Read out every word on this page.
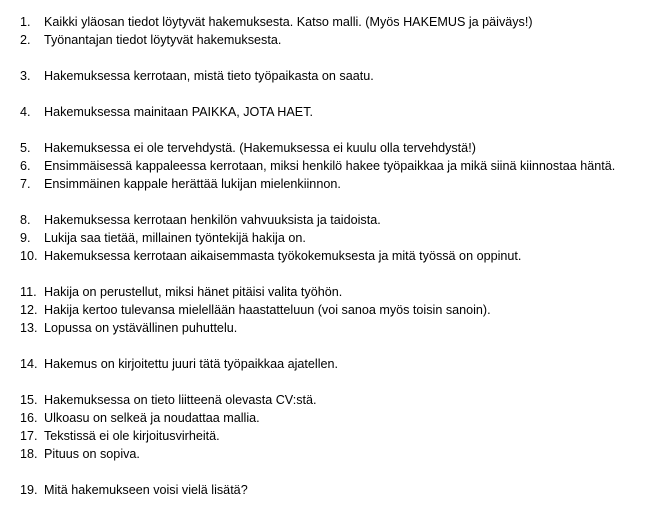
1.	Kaikki yläosan tiedot löytyvät hakemuksesta. Katso malli. (Myös HAKEMUS ja päiväys!)
2.	Työnantajan tiedot löytyvät hakemuksesta.
3.	Hakemuksessa kerrotaan, mistä tieto työpaikasta on saatu.
4.	Hakemuksessa mainitaan PAIKKA, JOTA HAET.
5.	Hakemuksessa ei ole tervehdystä. (Hakemuksessa ei kuulu olla tervehdystä!)
6.	Ensimmäisessä kappaleessa kerrotaan, miksi henkilö hakee työpaikkaa ja mikä siinä kiinnostaa häntä.
7.	Ensimmäinen kappale herättää lukijan mielenkiinnon.
8.	Hakemuksessa kerrotaan henkilön vahvuuksista ja taidoista.
9.	Lukija saa tietää, millainen työntekijä hakija on.
10. Hakemuksessa kerrotaan aikaisemmasta työkokemuksesta ja mitä työssä on oppinut.
11. Hakija on perustellut, miksi hänet pitäisi valita työhön.
12. Hakija kertoo tulevansa mielellään haastatteluun (voi sanoa myös toisin sanoin).
13. Lopussa on ystävällinen puhuttelu.
14. Hakemus on kirjoitettu juuri tätä työpaikkaa ajatellen.
15. Hakemuksessa on tieto liitteenä olevasta CV:stä.
16. Ulkoasu on selkeä ja noudattaa mallia.
17. Tekstissä ei ole kirjoitusvirheitä.
18. Pituus on sopiva.
19. Mitä hakemukseen voisi vielä lisätä?
